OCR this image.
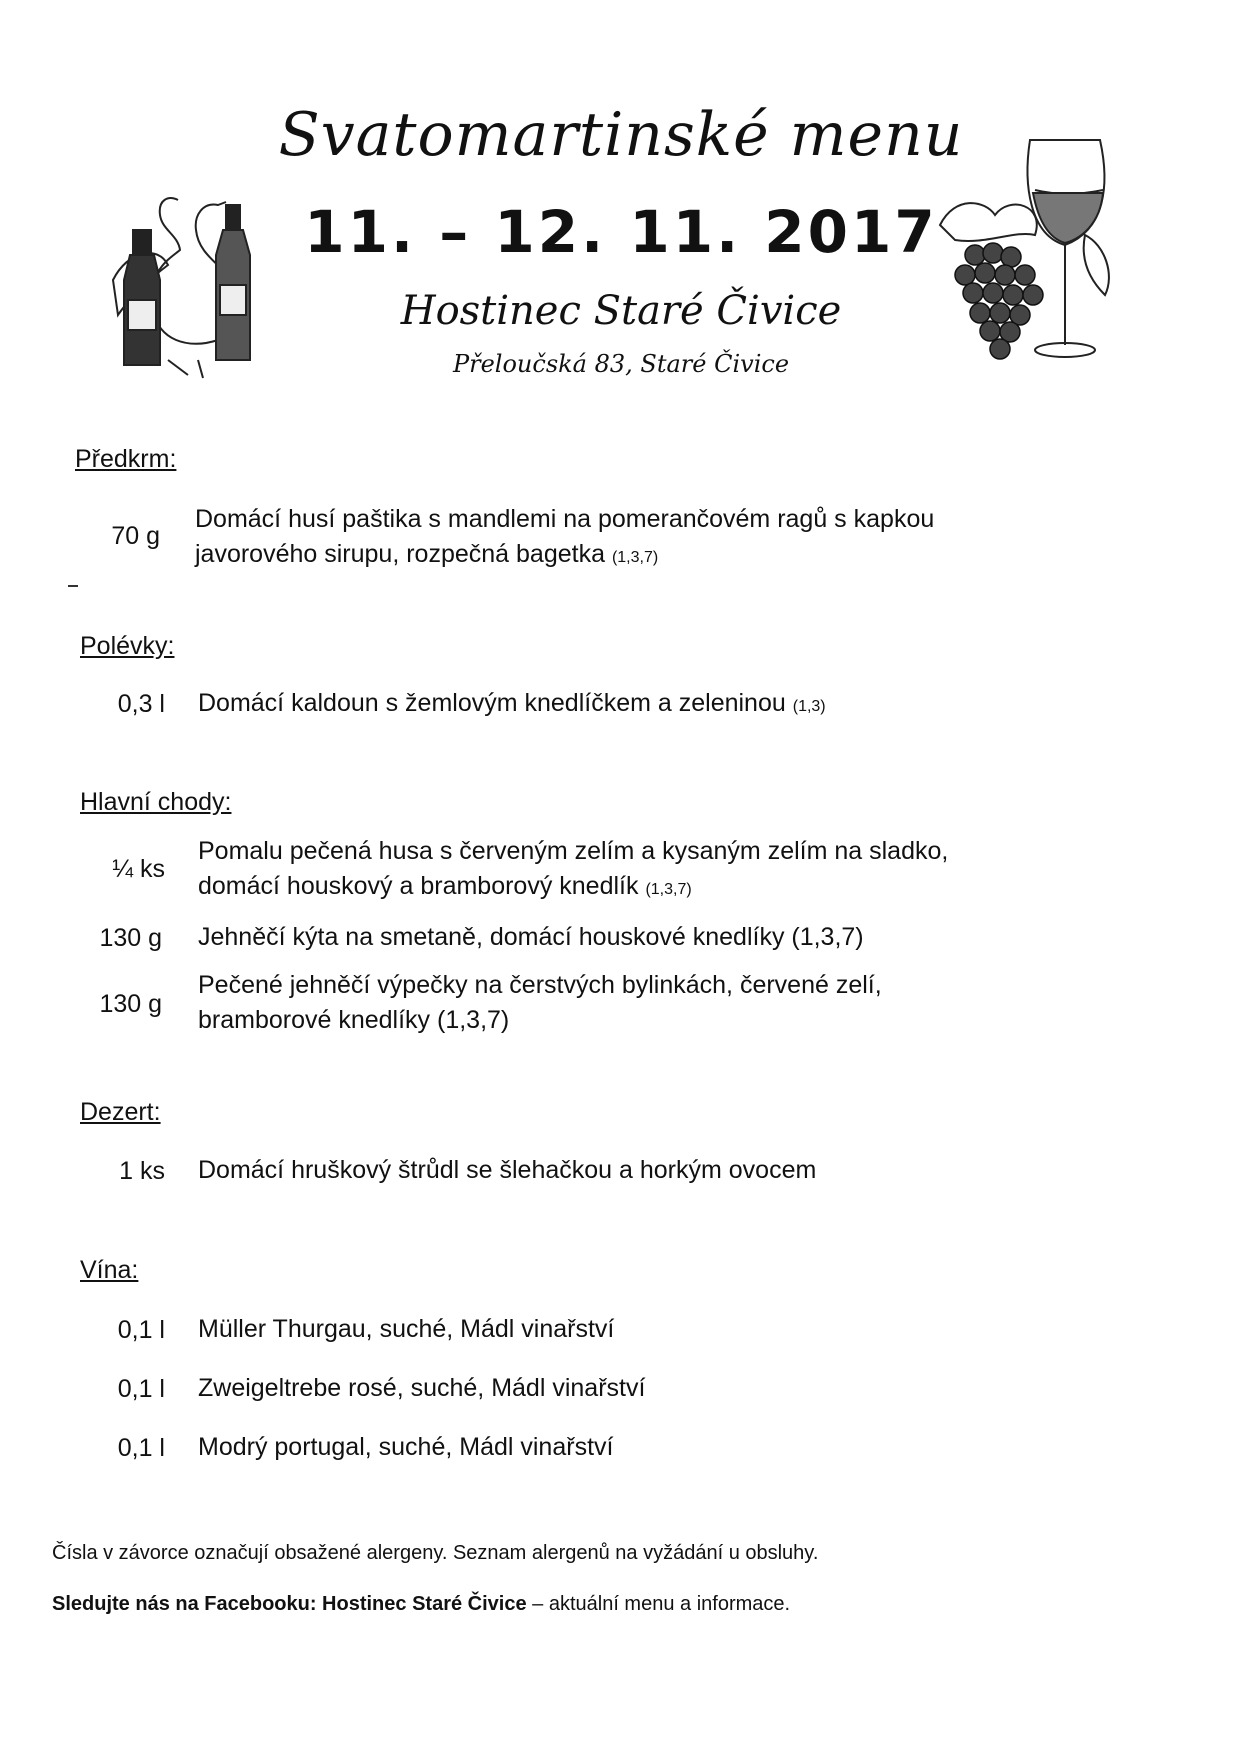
Svatomartinské menu
11. – 12. 11. 2017
Hostinec Staré Čivice
Přeloučská 83, Staré Čivice
Předkrm:
70 g
Domácí husí paštika s mandlemi na pomerančovém ragů s kapkou
javorového sirupu, rozpečná bagetka (1,3,7)
Polévky:
0,3 l Domácí kaldoun s žemlovým knedlíčkem a zeleninou (1,3)
Hlavní chody:
¼ ks
Pomalu pečená husa s červeným zelím a kysaným zelím na sladko,
domácí houskový a bramborový knedlík (1,3,7)
130 g Jehněčí kýta na smetaně, domácí houskové knedlíky (1,3,7)
130 g
Pečené jehněčí výpečky na čerstvých bylinkách, červené zelí,
bramborové knedlíky (1,3,7)
Dezert:
1 ks Domácí hruškový štrůdl se šlehačkou a horkým ovocem
Vína:
0,1 l Müller Thurgau, suché, Mádl vinařství
0,1 l Zweigeltrebe rosé, suché, Mádl vinařství
0,1 l Modrý portugal, suché, Mádl vinařství
Čísla v závorce označují obsažené alergeny. Seznam alergenů na vyžádání u obsluhy.
Sledujte nás na Facebooku: Hostinec Staré Čivice – aktuální menu a informace.
